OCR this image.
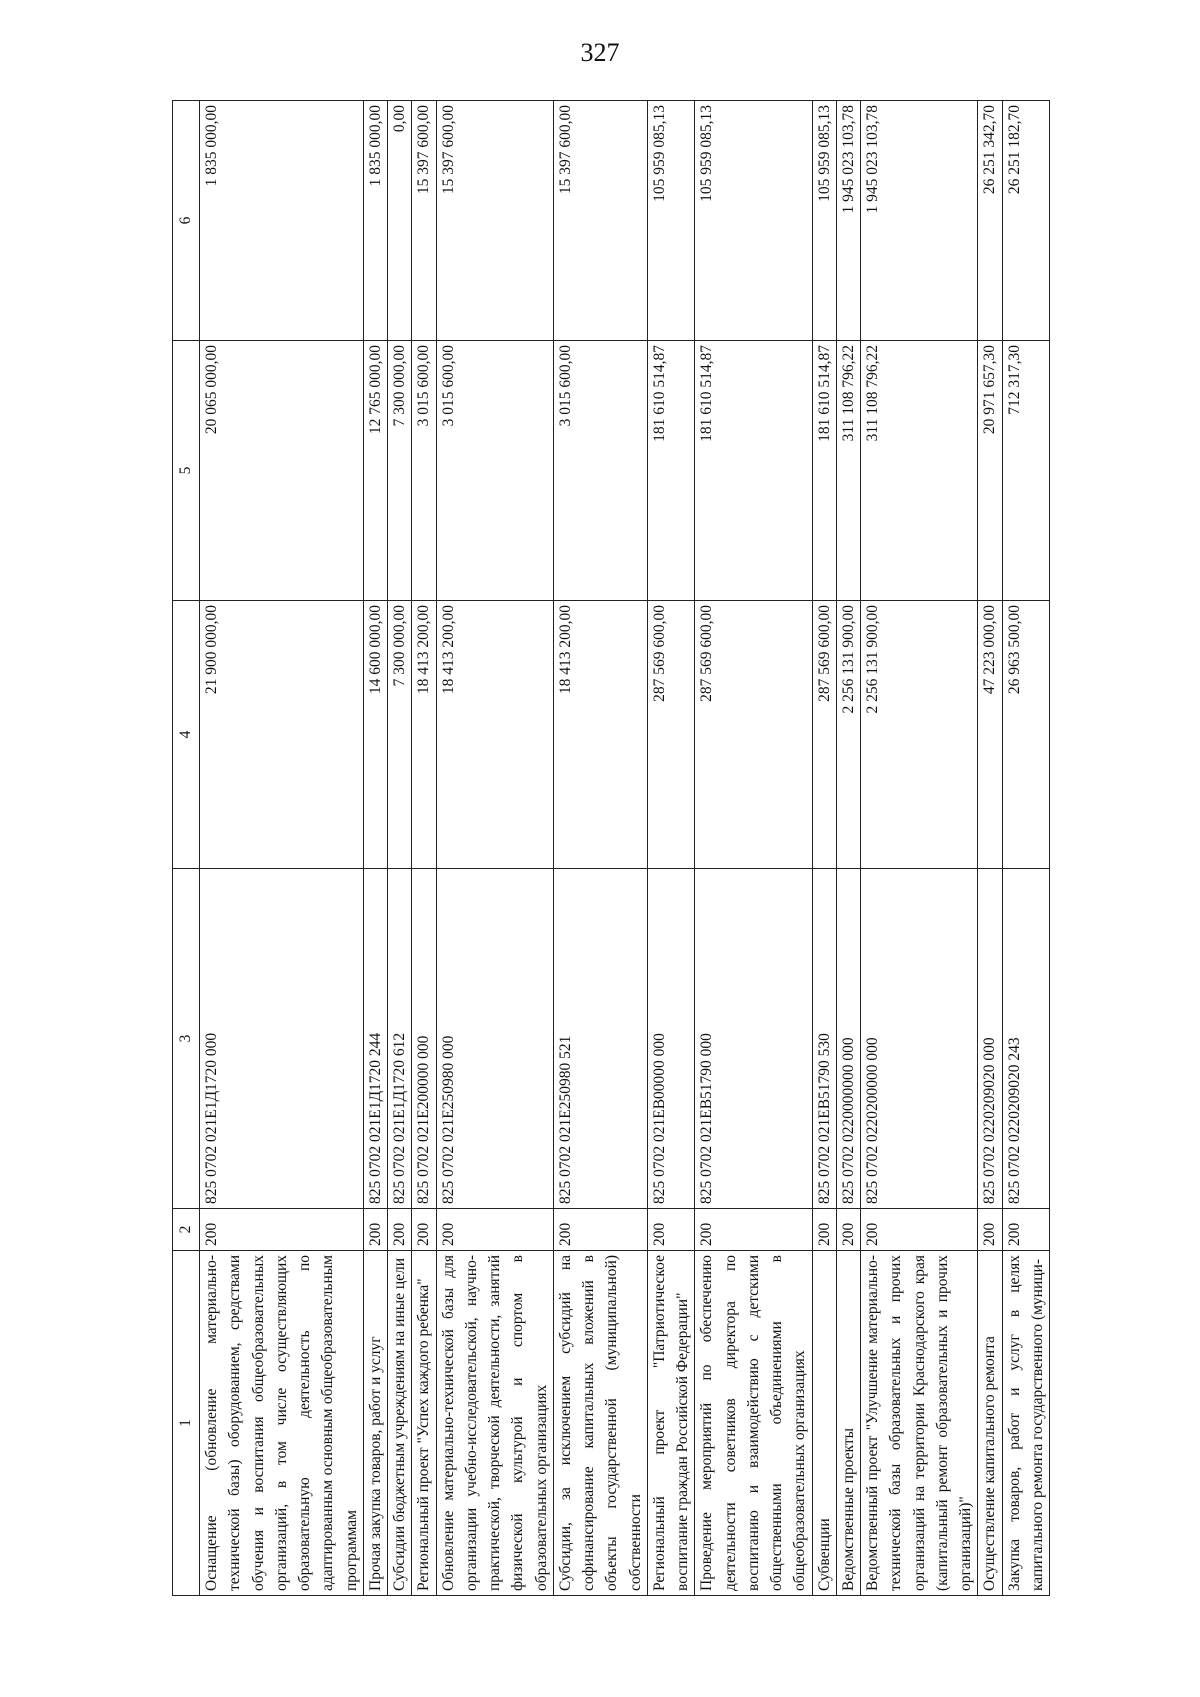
327
1	2	3	4	5	6
Оснащение (обновление материально-технической базы) оборудованием, средствами обучения и воспитания общеобразовательных организаций, в том числе осуществляющих образовательную деятельность по адаптированным основным общеобразовательным программам	200	825 0702 021Е1Д1720 000	21 900 000,00	20 065 000,00	1 835 000,00
Прочая закупка товаров, работ и услуг	200	825 0702 021Е1Д1720 244	14 600 000,00	12 765 000,00	1 835 000,00
Субсидии бюджетным учреждениям на иные цели	200	825 0702 021Е1Д1720 612	7 300 000,00	7 300 000,00	0,00
Региональный проект "Успех каждого ребенка"	200	825 0702 021Е200000 000	18 413 200,00	3 015 600,00	15 397 600,00
Обновление материально-технической базы для организации учебно-исследовательской, научно-практической, творческой деятельности, занятий физической культурой и спортом в образовательных организациях	200	825 0702 021Е250980 000	18 413 200,00	3 015 600,00	15 397 600,00
Субсидии, за исключением субсидий на софинансирование капитальных вложений в объекты государственной (муниципальной) собственности	200	825 0702 021Е250980 521	18 413 200,00	3 015 600,00	15 397 600,00
Региональный проект "Патриотическое воспитание граждан Российской Федерации"	200	825 0702 021ЕВ00000 000	287 569 600,00	181 610 514,87	105 959 085,13
Проведение мероприятий по обеспечению деятельности советников директора по воспитанию и взаимодействию с детскими общественными объединениями в общеобразовательных организациях	200	825 0702 021ЕВ51790 000	287 569 600,00	181 610 514,87	105 959 085,13
Субвенции	200	825 0702 021ЕВ51790 530	287 569 600,00	181 610 514,87	105 959 085,13
Ведомственные проекты	200	825 0702 0220000000 000	2 256 131 900,00	311 108 796,22	1 945 023 103,78
Ведомственный проект "Улучшение материально-технической базы образовательных и прочих организаций на территории Краснодарского края (капитальный ремонт образовательных и прочих организаций)"	200	825 0702 0220200000 000	2 256 131 900,00	311 108 796,22	1 945 023 103,78
Осуществление капитального ремонта	200	825 0702 0220209020 000	47 223 000,00	20 971 657,30	26 251 342,70
Закупка товаров, работ и услуг в целях капитального ремонта государственного (муници-	200	825 0702 0220209020 243	26 963 500,00	712 317,30	26 251 182,70
